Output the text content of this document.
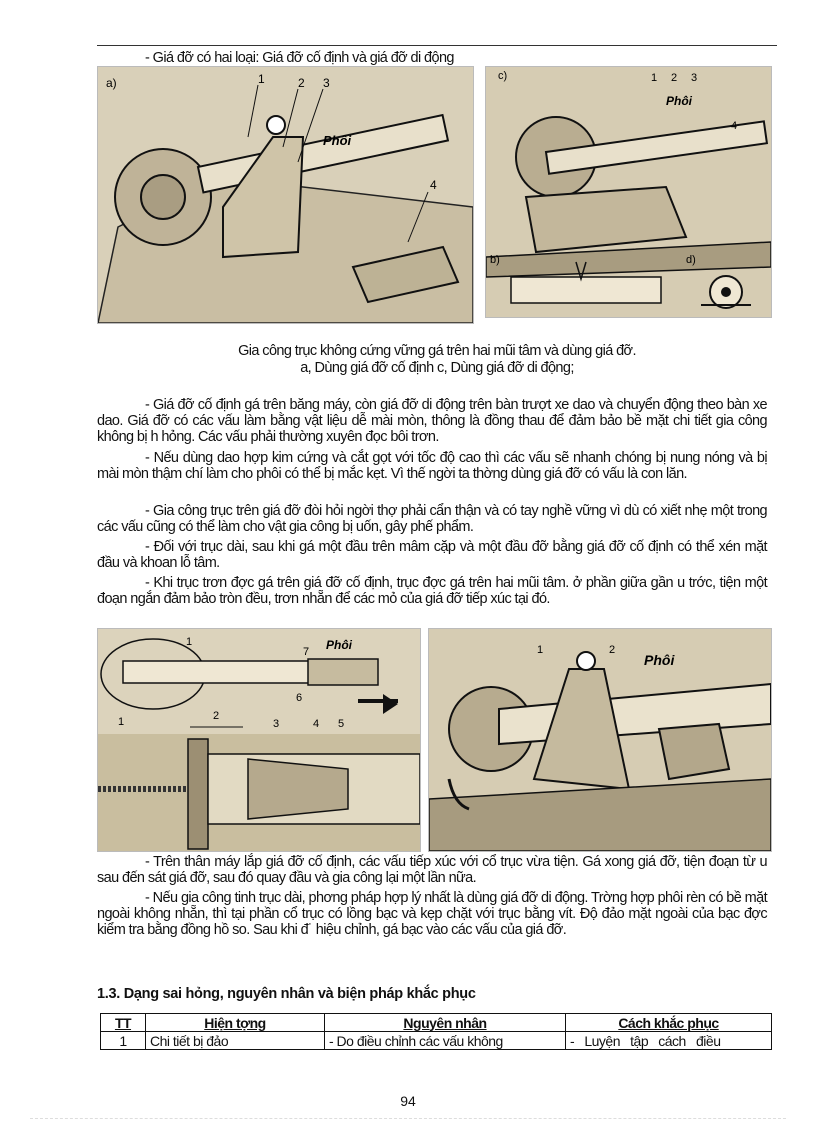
- Giá đỡ có hai loại: Giá đỡ cố định và giá đỡ di động
a)	1	2 3
Phôi
4
c)	1 2 3
Phôi
4
b)	d)
Gia công trục không cứng vững gá trên hai mũi tâm và dùng giá đỡ.
a, Dùng giá đỡ cố định c, Dùng giá đỡ di động;
- Giá đỡ cố định gá trên băng máy, còn giá đỡ di động trên bàn trượt xe dao và chuyển động theo bàn xe dao. Giá đỡ có các vấu làm bằng vật liệu dễ mài mòn, thông là đồng thau để đảm bảo bề mặt chi tiết gia công không bị h hỏng. Các vấu phải thường xuyên đọc bôi trơn.
- Nếu dùng dao hợp kim cứng và cắt gọt với tốc độ cao thì các vấu sẽ nhanh chóng bị nung nóng và bị mài mòn thậm chí làm cho phôi có thể bị mắc kẹt. Vì thế ngời ta thờng dùng giá đỡ có vấu là con lăn.
- Gia công trục trên giá đỡ đòi hỏi ngời thợ phải cẩn thận và có tay nghề vững vì dù có xiết nhẹ một trong các vấu cũng có thể làm cho vật gia công bị uốn, gây phế phẩm.
- Đối với trục dài, sau khi gá một đầu trên mâm cặp và một đầu đỡ bằng giá đỡ cố định có thể xén mặt đầu và khoan lỗ tâm.
- Khi trục trơn đợc gá trên giá đỡ cố định, trục đợc gá trên hai mũi tâm. ở phần giữa gần u trớc, tiện một đoạn ngắn đảm bảo tròn đều, trơn nhẵn để các mỏ của giá đỡ tiếp xúc tại đó.
1	Phôi
7
6
1	2
3	4 5
1	2
Phôi
- Trên thân máy lắp giá đỡ cố định, các vấu tiếp xúc với cổ trục vừa tiện. Gá xong giá đỡ, tiện đoạn từ u sau đến sát giá đỡ, sau đó quay đầu và gia công lại một lần nữa.
- Nếu gia công tinh trục dài, phơng pháp hợp lý nhất là dùng giá đỡ di động. Trờng hợp phôi rèn có bề mặt ngoài không nhẵn, thì tại phần cổ trục có lồng bạc và kẹp chặt với trục bằng vít. Độ đảo mặt ngoài của bạc đợc kiểm tra bằng đồng hồ so. Sau khi đ˙ hiệu chỉnh, gá bạc vào các vấu của giá đỡ.
1.3. Dạng sai hỏng, nguyên nhân và biện pháp khắc phục
TT	Hiện tợng	Nguyên nhân	Cách khắc phục
1	Chi tiết bị đảo	- Do điều chỉnh các vấu không	-   Luyện   tập   cách   điều
94
